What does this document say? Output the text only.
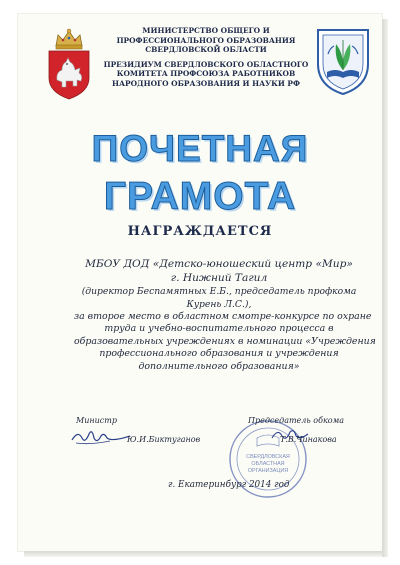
МИНИСТЕРСТВО ОБЩЕГО И
ПРОФЕССИОНАЛЬНОГО ОБРАЗОВАНИЯ
СВЕРДЛОВСКОЙ ОБЛАСТИ
ПРЕЗИДИУМ СВЕРДЛОВСКОГО ОБЛАСТНОГО
КОМИТЕТА ПРОФСОЮЗА РАБОТНИКОВ
НАРОДНОГО ОБРАЗОВАНИЯ И НАУКИ РФ
ПОЧЕТНАЯ
ГРАМОТА
НАГРАЖДАЕТСЯ
МБОУ ДОД «Детско-юношеский центр «Мир»
г. Нижний Тагил
(директор Беспамятных Е.Б., председатель профкома
Курень Л.С.),
за второе место в областном смотре-конкурсе по охране
труда и учебно-воспитательного процесса в
образовательных учреждениях в номинации «Учреждения
профессионального образования и учреждения
дополнительного образования»
Министр
Ю.И.Биктуганов
СВЕРДЛОВСКАЯ
ОБЛАСТНАЯ
ОРГАНИЗАЦИЯ
Председатель обкома
Т.В.Чинакова
г. Екатеринбург 2014 год
